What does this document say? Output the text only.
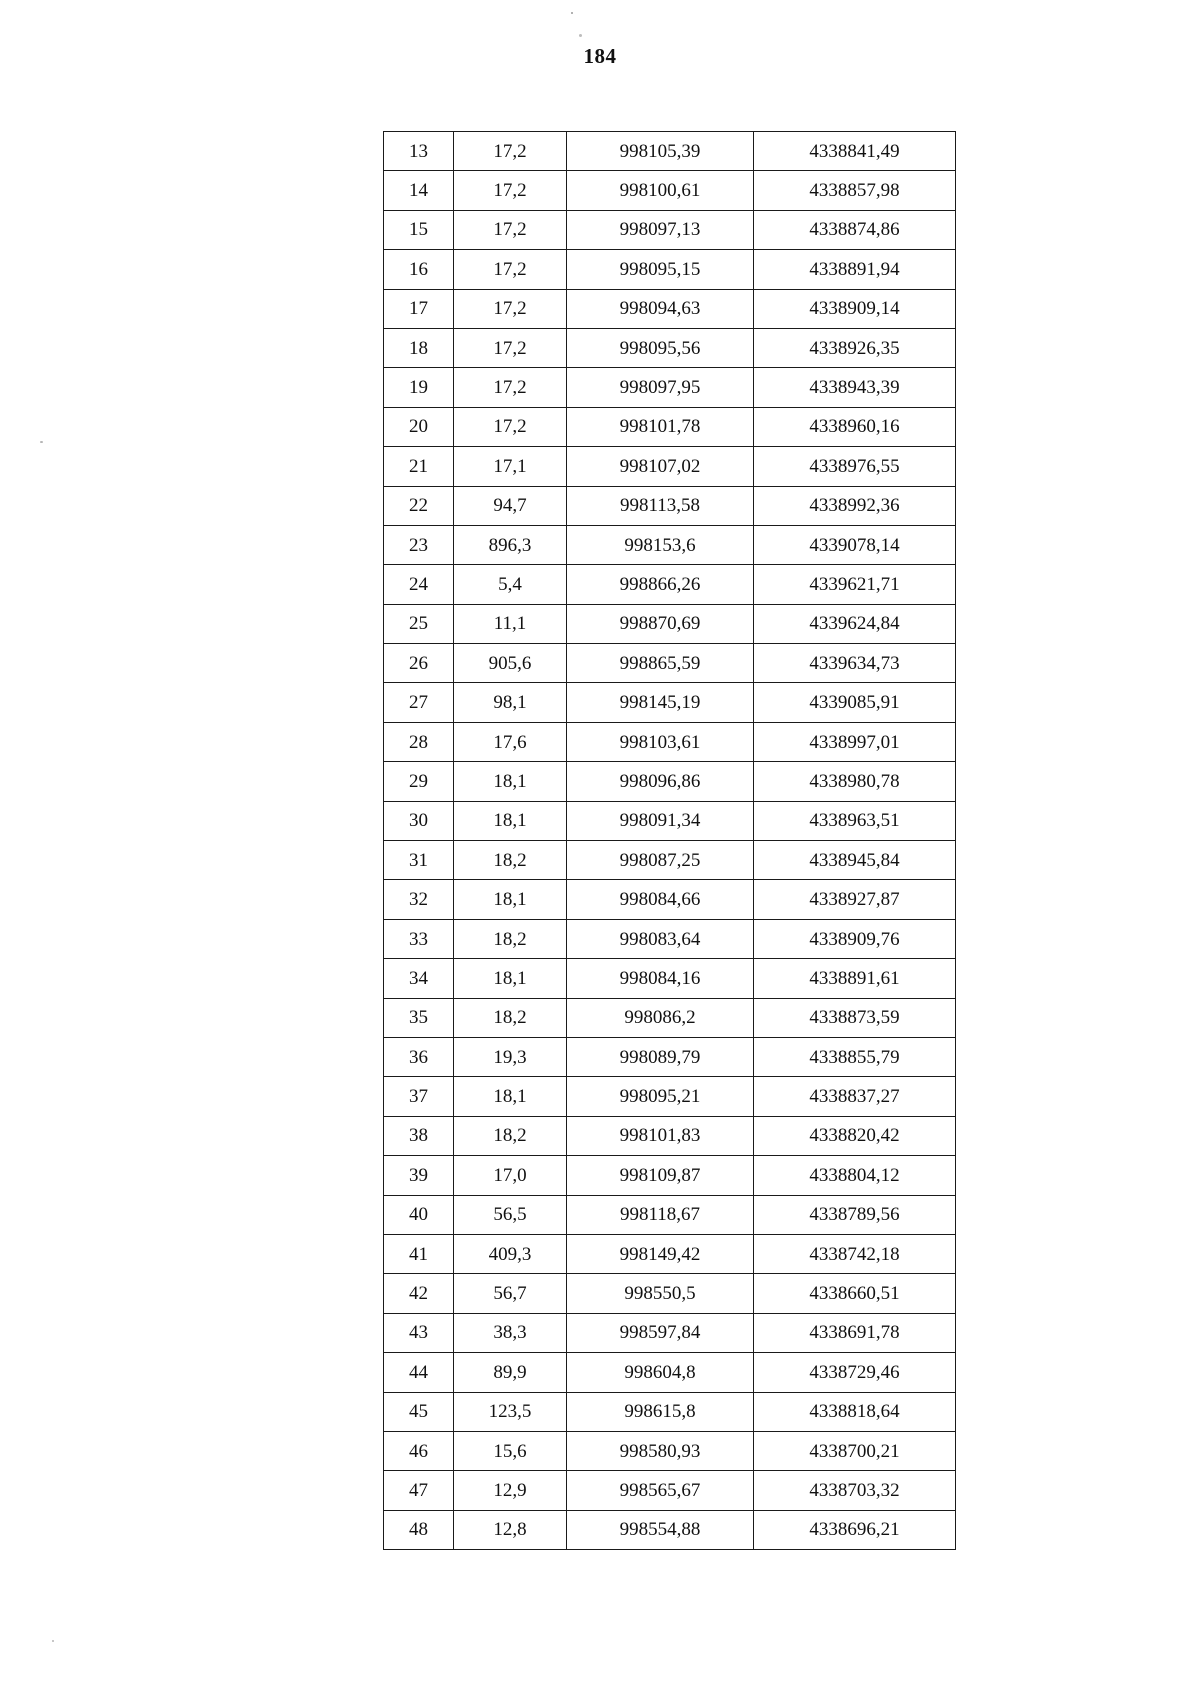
184
13	17,2	998105,39	4338841,49
14	17,2	998100,61	4338857,98
15	17,2	998097,13	4338874,86
16	17,2	998095,15	4338891,94
17	17,2	998094,63	4338909,14
18	17,2	998095,56	4338926,35
19	17,2	998097,95	4338943,39
20	17,2	998101,78	4338960,16
21	17,1	998107,02	4338976,55
22	94,7	998113,58	4338992,36
23	896,3	998153,6	4339078,14
24	5,4	998866,26	4339621,71
25	11,1	998870,69	4339624,84
26	905,6	998865,59	4339634,73
27	98,1	998145,19	4339085,91
28	17,6	998103,61	4338997,01
29	18,1	998096,86	4338980,78
30	18,1	998091,34	4338963,51
31	18,2	998087,25	4338945,84
32	18,1	998084,66	4338927,87
33	18,2	998083,64	4338909,76
34	18,1	998084,16	4338891,61
35	18,2	998086,2	4338873,59
36	19,3	998089,79	4338855,79
37	18,1	998095,21	4338837,27
38	18,2	998101,83	4338820,42
39	17,0	998109,87	4338804,12
40	56,5	998118,67	4338789,56
41	409,3	998149,42	4338742,18
42	56,7	998550,5	4338660,51
43	38,3	998597,84	4338691,78
44	89,9	998604,8	4338729,46
45	123,5	998615,8	4338818,64
46	15,6	998580,93	4338700,21
47	12,9	998565,67	4338703,32
48	12,8	998554,88	4338696,21
